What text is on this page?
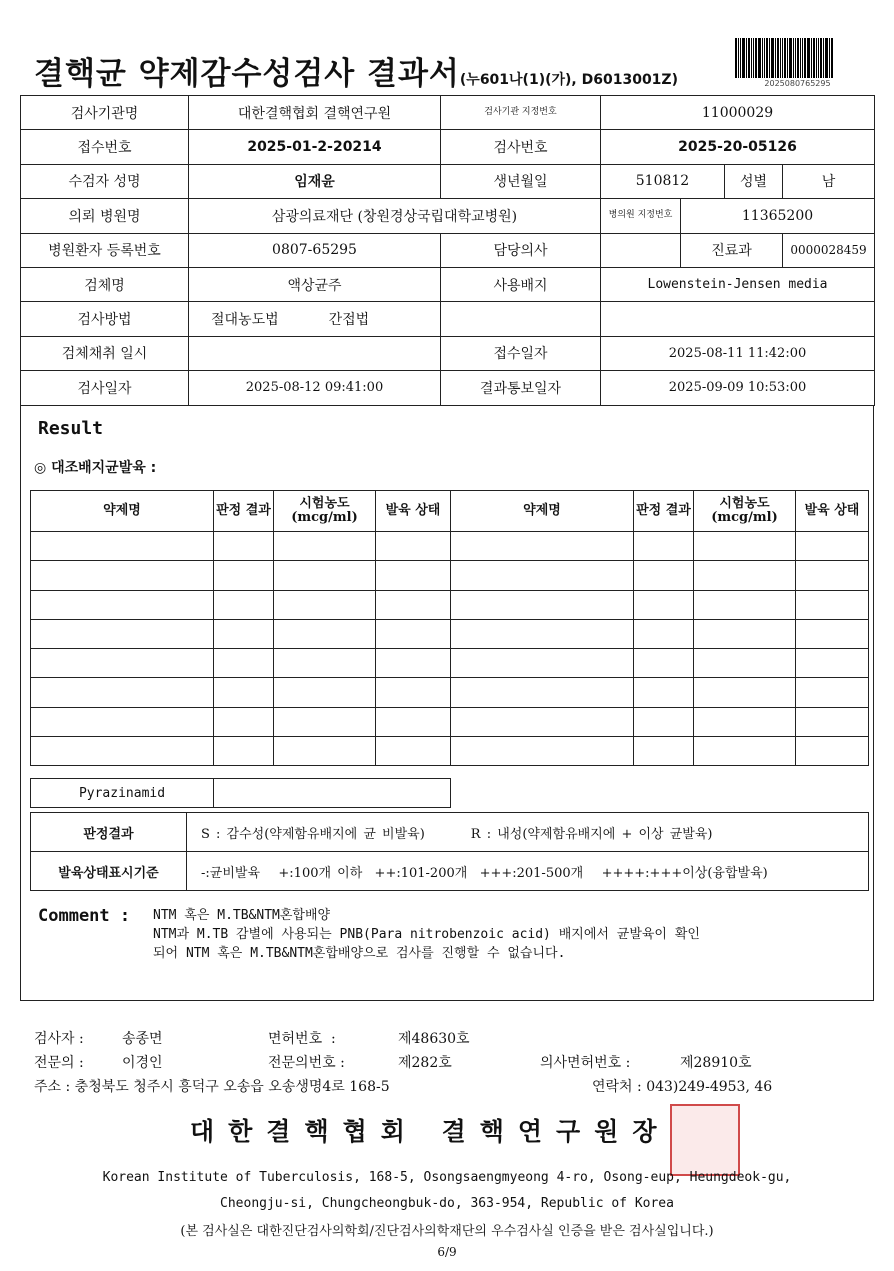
결핵균 약제감수성검사 결과서(누601나(1)(가), D6013001Z)	2025080765295
검사기관명	대한결핵협회 결핵연구원	검사기관 지정번호	11000029			
접수번호	2025-01-2-20214	검사번호	2025-20-05126			
수검자 성명	임재윤	생년월일	510812		성별	남
의뢰 병원명	삼광의료재단 (창원경상국립대학교병원)		병의원 지정번호	11365200		
병원환자 등록번호	0807-65295	담당의사		진료과		0000028459
검체명	액상균주	사용배지	Lowenstein-Jensen media			
검사방법	절대농도법 간접법					
검체채취 일시		접수일자	2025-08-11 11:42:00			
검사일자	2025-08-12 09:41:00	결과통보일자	2025-09-09 10:53:00			
Result
◎ 대조배지균발육 :
약제명	판정 결과	시험농도 (mcg/ml)	발육 상태	약제명	판정 결과	시험농도 (mcg/ml)	발육 상태

Pyrazinamid	
판정결과	S : 감수성(약제함유배지에 균 비발육) R : 내성(약제함유배지에 + 이상 균발육)
발육상태표시기준	-:균비발육   +:100개 이하  ++:101-200개  +++:201-500개   ++++:+++이상(융합발육)
Comment : NTM 혹은 M.TB&NTM혼합배양
NTM과 M.TB 감별에 사용되는 PNB(Para nitrobenzoic acid) 배지에서 균발육이 확인
되어 NTM 혹은 M.TB&NTM혼합배양으로 검사를 진행할 수 없습니다.
검사자 :	송종면	면허번호  :	제48630호
전문의 :	이경인	전문의번호 :	제282호	의사면허번호 :	제28910호
주소 : 충청북도 청주시 흥덕구 오송읍 오송생명4로 168-5	연락처 : 043)249-4953, 46
대한결핵협회 결핵연구원장
Korean Institute of Tuberculosis, 168-5, Osongsaengmyeong 4-ro, Osong-eup, Heungdeok-gu,
Cheongju-si, Chungcheongbuk-do, 363-954, Republic of Korea
(본 검사실은 대한진단검사의학회/진단검사의학재단의 우수검사실 인증을 받은 검사실입니다.)
6/9
